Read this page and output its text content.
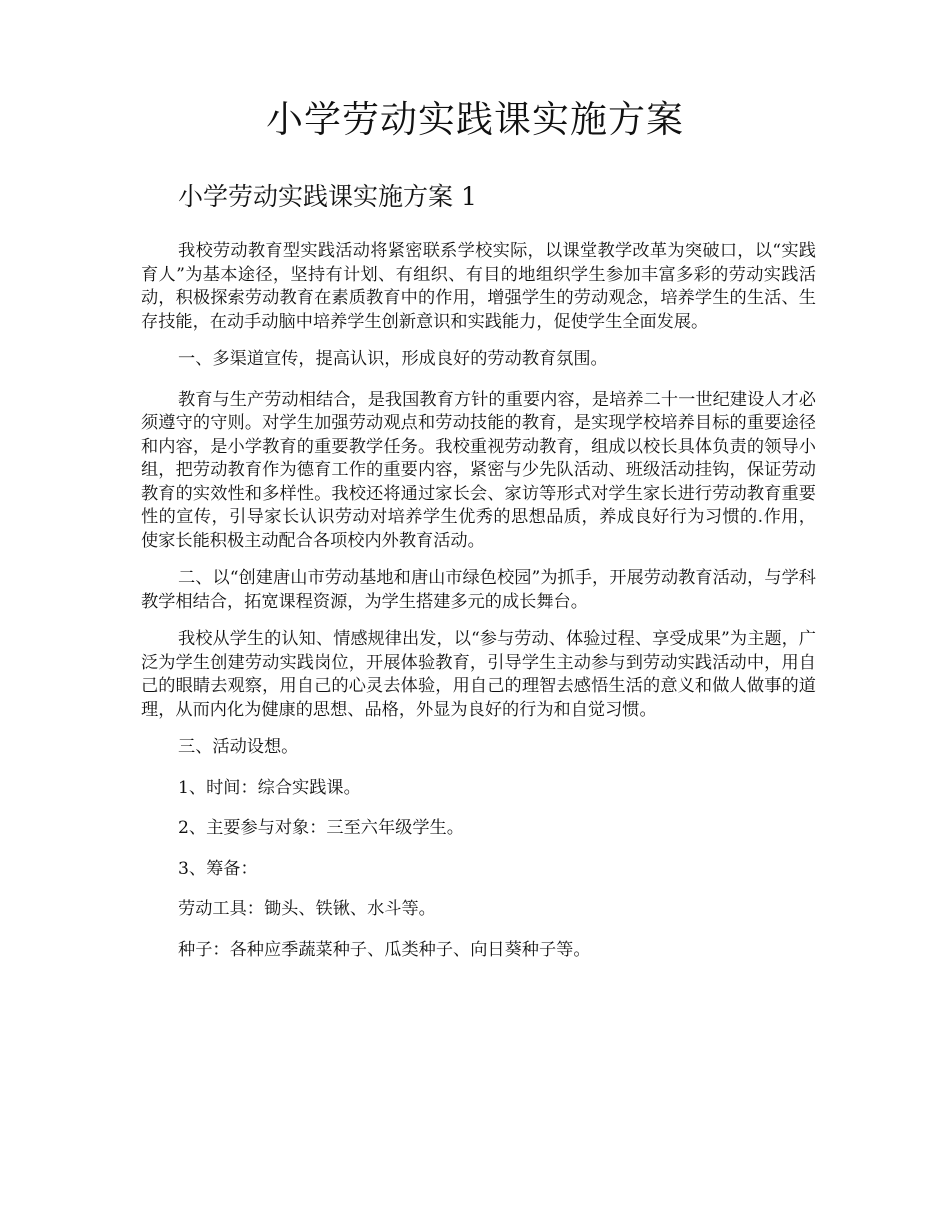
小学劳动实践课实施方案
小学劳动实践课实施方案 1

我校劳动教育型实践活动将紧密联系学校实际，以课堂教学改革为突破口，以“实践育人”为基本途径，坚持有计划、有组织、有目的地组织学生参加丰富多彩的劳动实践活动，积极探索劳动教育在素质教育中的作用，增强学生的劳动观念，培养学生的生活、生存技能，在动手动脑中培养学生创新意识和实践能力，促使学生全面发展。

一、多渠道宣传，提高认识，形成良好的劳动教育氛围。

教育与生产劳动相结合，是我国教育方针的重要内容，是培养二十一世纪建设人才必须遵守的守则。对学生加强劳动观点和劳动技能的教育，是实现学校培养目标的重要途径和内容，是小学教育的重要教学任务。我校重视劳动教育，组成以校长具体负责的领导小组，把劳动教育作为德育工作的重要内容，紧密与少先队活动、班级活动挂钩，保证劳动教育的实效性和多样性。我校还将通过家长会、家访等形式对学生家长进行劳动教育重要性的宣传，引导家长认识劳动对培养学生优秀的思想品质，养成良好行为习惯的.作用，使家长能积极主动配合各项校内外教育活动。

二、以“创建唐山市劳动基地和唐山市绿色校园”为抓手，开展劳动教育活动，与学科教学相结合，拓宽课程资源，为学生搭建多元的成长舞台。

我校从学生的认知、情感规律出发，以“参与劳动、体验过程、享受成果”为主题，广泛为学生创建劳动实践岗位，开展体验教育，引导学生主动参与到劳动实践活动中，用自己的眼睛去观察，用自己的心灵去体验，用自己的理智去感悟生活的意义和做人做事的道理，从而内化为健康的思想、品格，外显为良好的行为和自觉习惯。

三、活动设想。

1、时间：综合实践课。

2、主要参与对象：三至六年级学生。

3、筹备：

劳动工具：锄头、铁锹、水斗等。

种子：各种应季蔬菜种子、瓜类种子、向日葵种子等。
